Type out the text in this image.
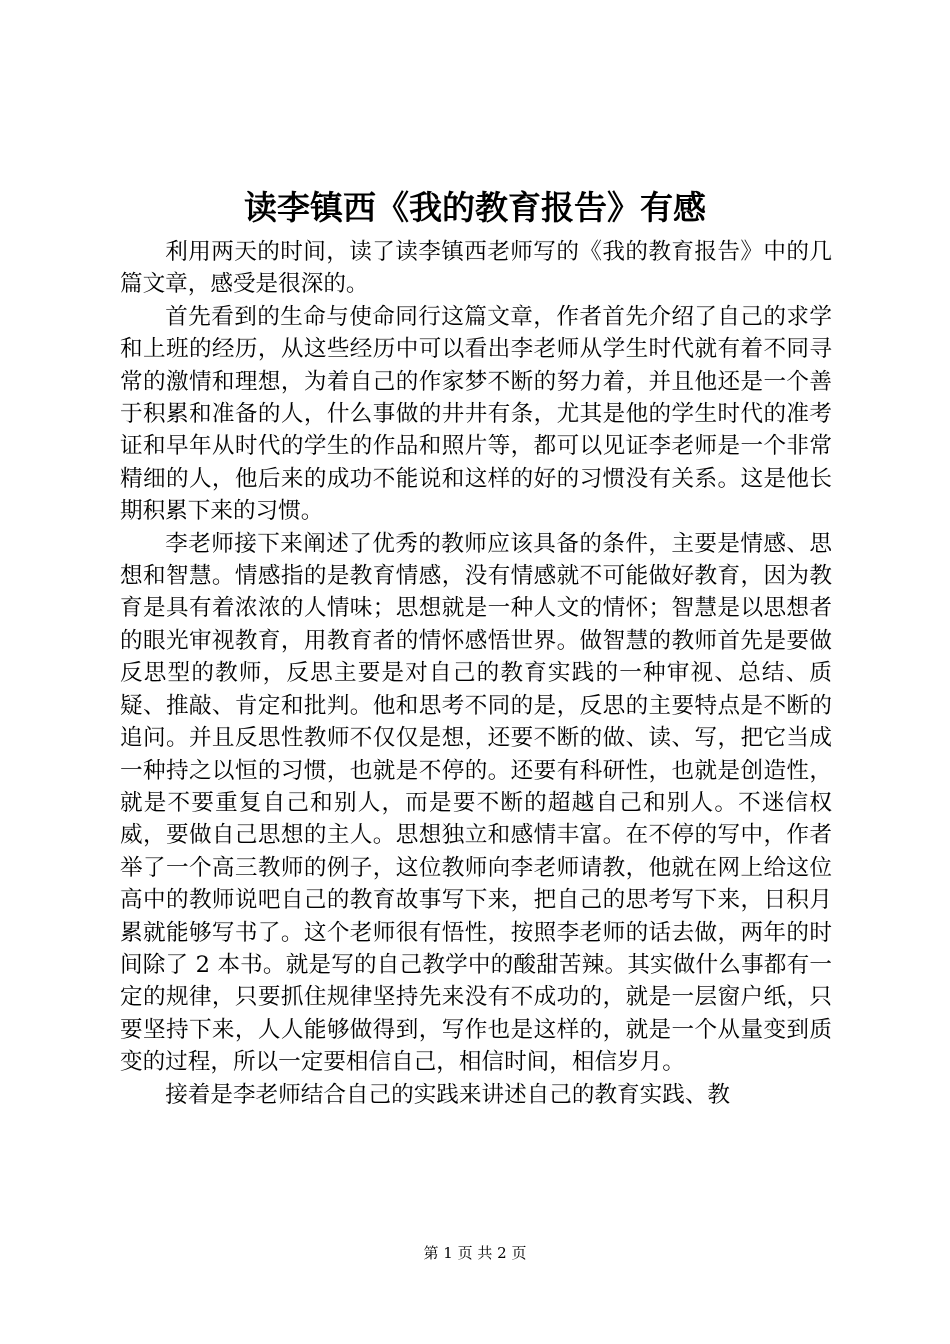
读李镇西《我的教育报告》有感

利用两天的时间，读了读李镇西老师写的《我的教育报告》中的几篇文章，感受是很深的。

首先看到的生命与使命同行这篇文章，作者首先介绍了自己的求学和上班的经历，从这些经历中可以看出李老师从学生时代就有着不同寻常的激情和理想，为着自己的作家梦不断的努力着，并且他还是一个善于积累和准备的人，什么事做的井井有条，尤其是他的学生时代的准考证和早年从时代的学生的作品和照片等，都可以见证李老师是一个非常精细的人，他后来的成功不能说和这样的好的习惯没有关系。这是他长期积累下来的习惯。

李老师接下来阐述了优秀的教师应该具备的条件，主要是情感、思想和智慧。情感指的是教育情感，没有情感就不可能做好教育，因为教育是具有着浓浓的人情味；思想就是一种人文的情怀；智慧是以思想者的眼光审视教育，用教育者的情怀感悟世界。做智慧的教师首先是要做反思型的教师，反思主要是对自己的教育实践的一种审视、总结、质疑、推敲、肯定和批判。他和思考不同的是，反思的主要特点是不断的追问。并且反思性教师不仅仅是想，还要不断的做、读、写，把它当成一种持之以恒的习惯，也就是不停的。还要有科研性，也就是创造性，就是不要重复自己和别人，而是要不断的超越自己和别人。不迷信权威，要做自己思想的主人。思想独立和感情丰富。在不停的写中，作者举了一个高三教师的例子，这位教师向李老师请教，他就在网上给这位高中的教师说吧自己的教育故事写下来，把自己的思考写下来，日积月累就能够写书了。这个老师很有悟性，按照李老师的话去做，两年的时间除了 2 本书。就是写的自己教学中的酸甜苦辣。其实做什么事都有一定的规律，只要抓住规律坚持先来没有不成功的，就是一层窗户纸，只要坚持下来，人人能够做得到，写作也是这样的，就是一个从量变到质变的过程，所以一定要相信自己，相信时间，相信岁月。

接着是李老师结合自己的实践来讲述自己的教育实践、教

第 1 页 共 2 页
